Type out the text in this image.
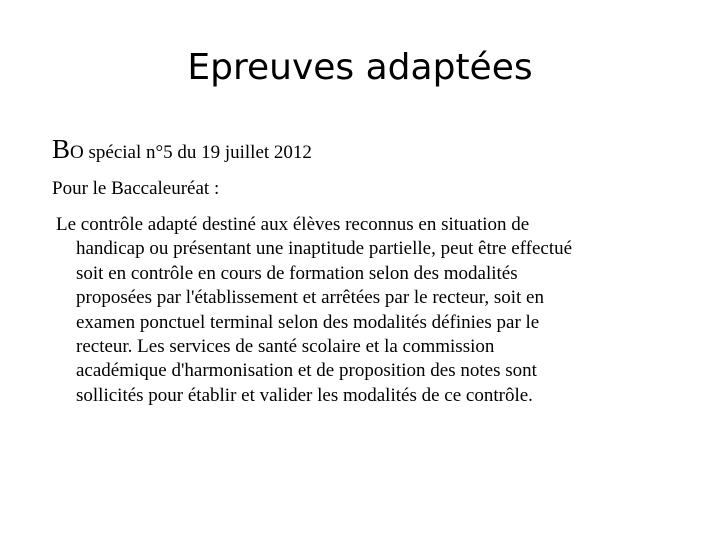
Epreuves adaptées
BO spécial n°5 du 19 juillet 2012
Pour le Baccaleuréat :
Le contrôle adapté destiné aux élèves reconnus en situation de
handicap ou présentant une inaptitude partielle, peut être effectué
soit en contrôle en cours de formation selon des modalités
proposées par l'établissement et arrêtées par le recteur, soit en
examen ponctuel terminal selon des modalités définies par le
recteur. Les services de santé scolaire et la commission
académique d'harmonisation et de proposition des notes sont
sollicités pour établir et valider les modalités de ce contrôle.
